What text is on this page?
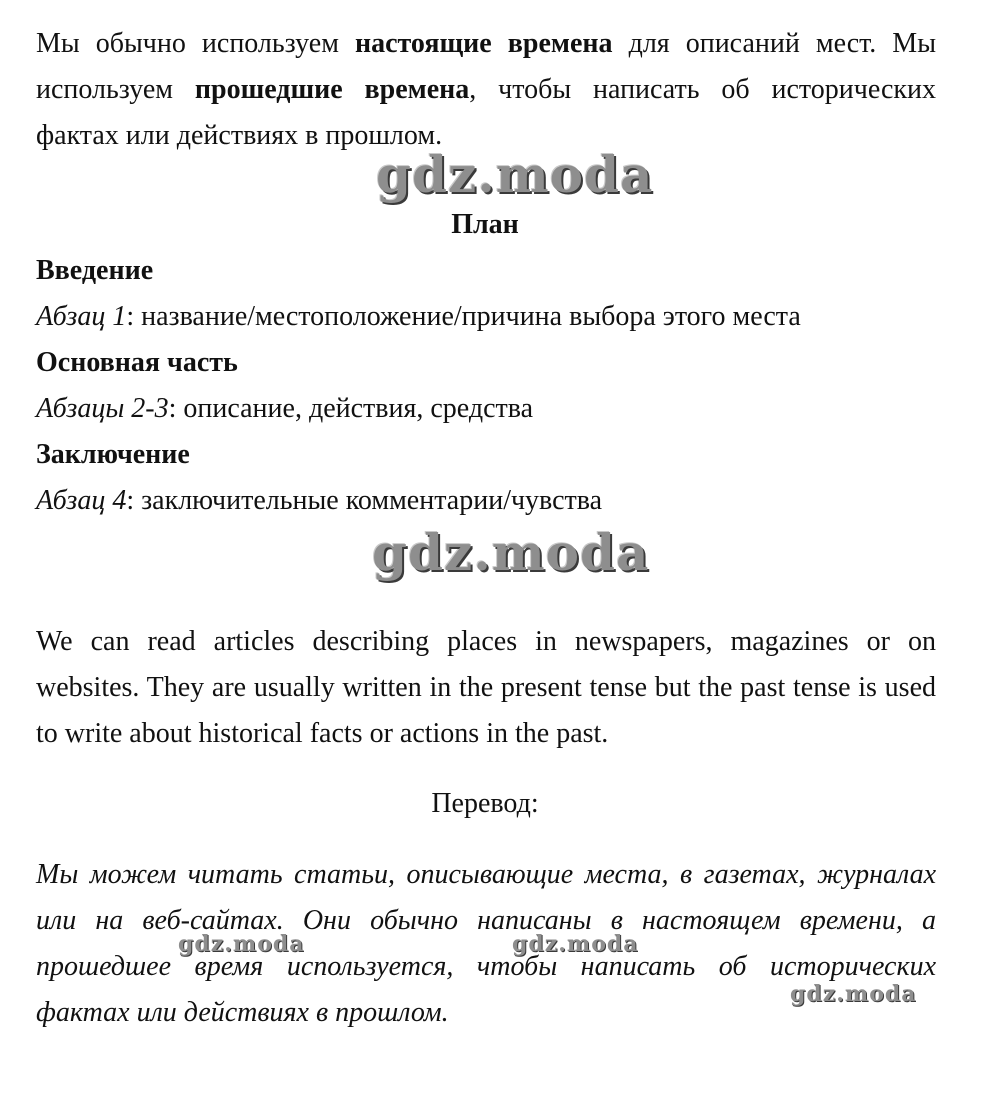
Мы обычно используем настоящие времена для описаний мест. Мы используем прошедшие времена, чтобы написать об исторических фактах или действиях в прошлом.

gdz.moda
План

Введение

Абзац 1: название/местоположение/причина выбора этого места

Основная часть

Абзацы 2-3: описание, действия, средства

Заключение

Абзац 4: заключительные комментарии/чувства

gdz.moda

We can read articles describing places in newspapers, magazines or on websites. They are usually written in the present tense but the past tense is used to write about historical facts or actions in the past.

Перевод:

Мы можем читать статьи, описывающие места, в газетах, журналах или на веб-сайтах. Они обычно написаны в настоящем времени, а прошедшее время используется, чтобы написать об исторических фактах или действиях в прошлом.

gdz.moda	gdz.moda
gdz.moda
